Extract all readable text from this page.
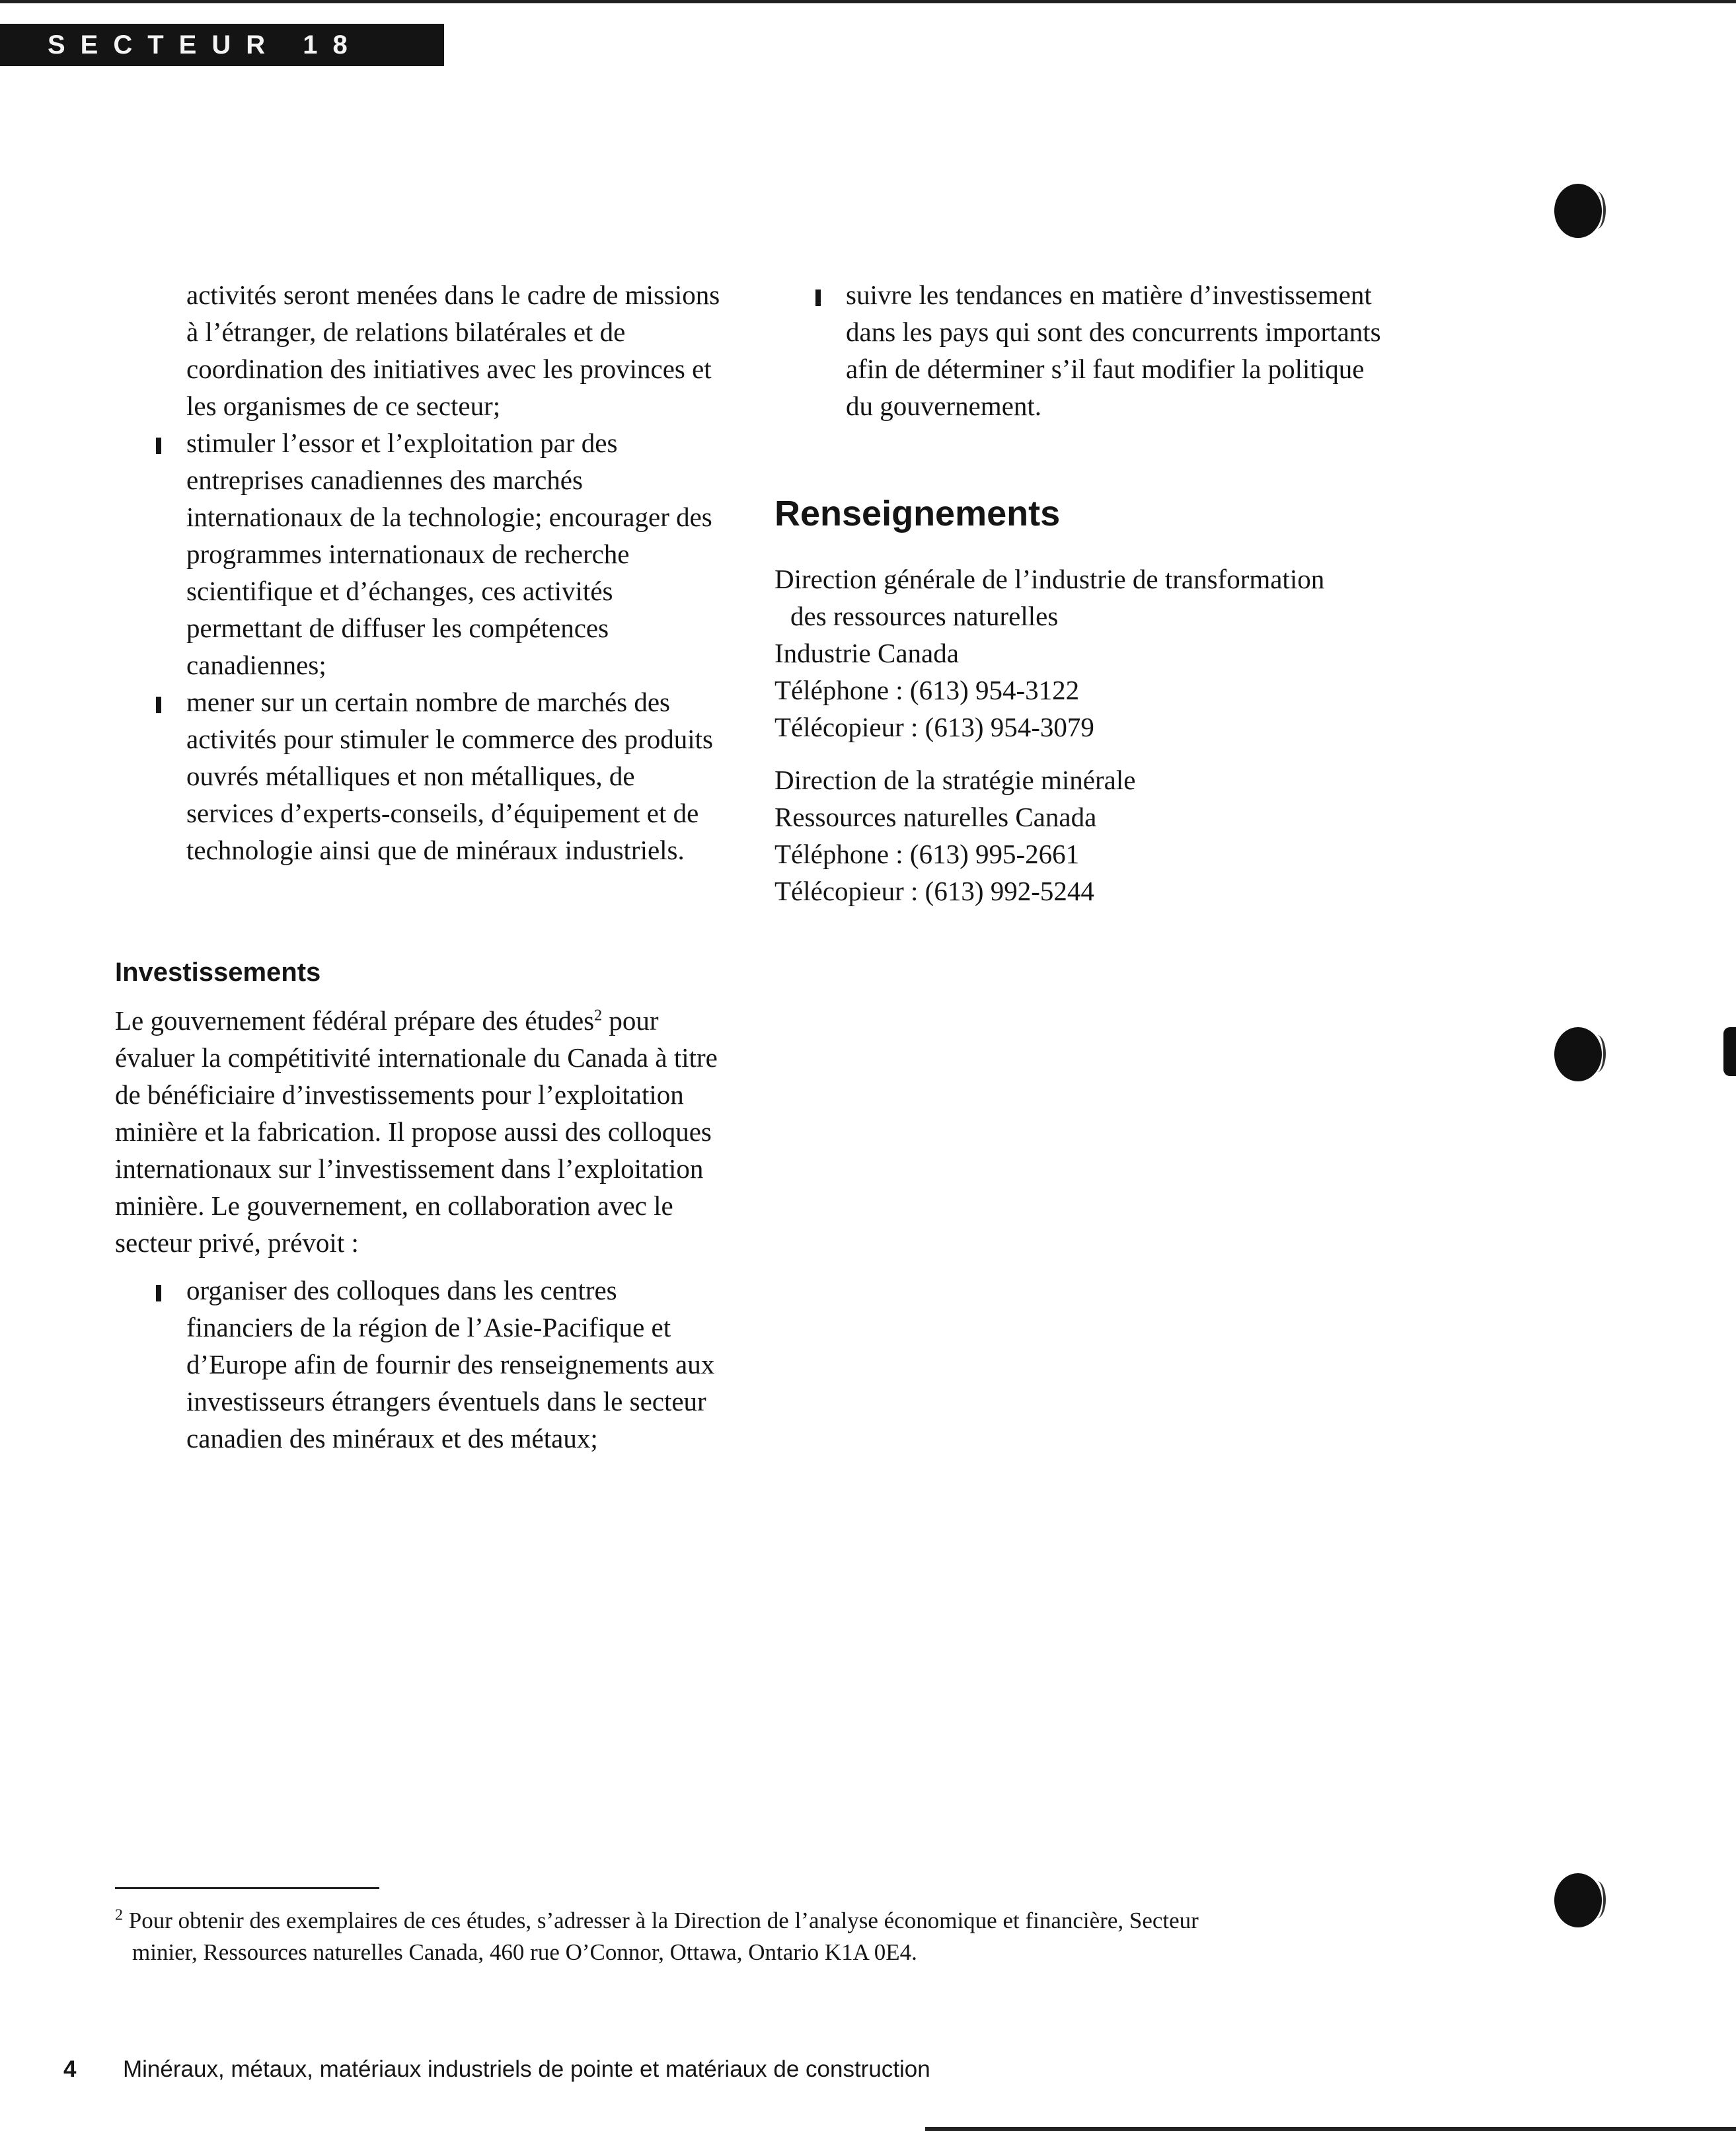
SECTEUR 18

activités seront menées dans le cadre de missions à l’étranger, de relations bilatérales et de coordination des initiatives avec les provinces et les organismes de ce secteur;

stimuler l’essor et l’exploitation par des entreprises canadiennes des marchés internationaux de la technologie; encourager des programmes internationaux de recherche scientifique et d’échanges, ces activités permettant de diffuser les compétences canadiennes;
mener sur un certain nombre de marchés des activités pour stimuler le commerce des produits ouvrés métalliques et non métalliques, de services d’experts-conseils, d’équipement et de technologie ainsi que de minéraux industriels.
Investissements

Le gouvernement fédéral prépare des études$^2$ pour évaluer la compétitivité internationale du Canada à titre de bénéficiaire d’investissements pour l’exploitation minière et la fabrication. Il propose aussi des colloques internationaux sur l’investissement dans l’exploitation minière. Le gouvernement, en collaboration avec le secteur privé, prévoit :

organiser des colloques dans les centres financiers de la région de l’Asie-Pacifique et d’Europe afin de fournir des renseignements aux investisseurs étrangers éventuels dans le secteur canadien des minéraux et des métaux;
suivre les tendances en matière d’investissement dans les pays qui sont des concurrents importants afin de déterminer s’il faut modifier la politique du gouvernement.
Renseignements
Direction générale de l’industrie de transformation
des ressources naturelles
Industrie Canada
Téléphone : (613) 954-3122
Télécopieur : (613) 954-3079
Direction de la stratégie minérale
Ressources naturelles Canada
Téléphone : (613) 995-2661
Télécopieur : (613) 992-5244
$^2$ Pour obtenir des exemplaires de ces études, s’adresser à la Direction de l’analyse économique et financière, Secteur
minier, Ressources naturelles Canada, 460 rue O’Connor, Ottawa, Ontario K1A 0E4.
4 Minéraux, métaux, matériaux industriels de pointe et matériaux de construction
